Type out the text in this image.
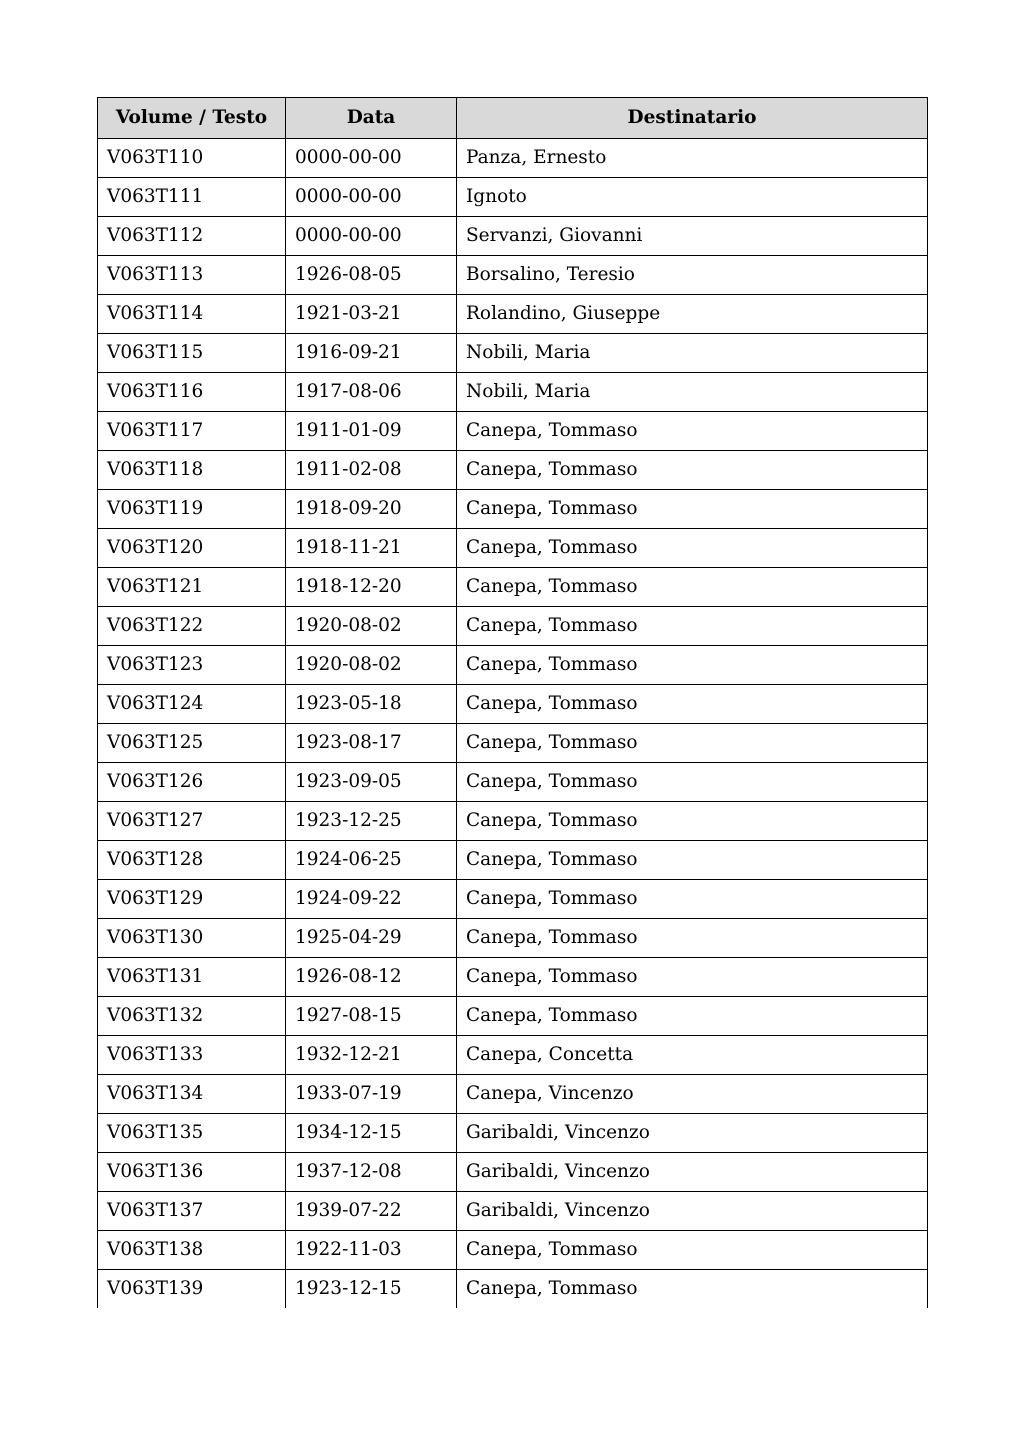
Volume / Testo	Data	Destinatario
V063T110	0000-00-00	Panza, Ernesto
V063T111	0000-00-00	Ignoto
V063T112	0000-00-00	Servanzi, Giovanni
V063T113	1926-08-05	Borsalino, Teresio
V063T114	1921-03-21	Rolandino, Giuseppe
V063T115	1916-09-21	Nobili, Maria
V063T116	1917-08-06	Nobili, Maria
V063T117	1911-01-09	Canepa, Tommaso
V063T118	1911-02-08	Canepa, Tommaso
V063T119	1918-09-20	Canepa, Tommaso
V063T120	1918-11-21	Canepa, Tommaso
V063T121	1918-12-20	Canepa, Tommaso
V063T122	1920-08-02	Canepa, Tommaso
V063T123	1920-08-02	Canepa, Tommaso
V063T124	1923-05-18	Canepa, Tommaso
V063T125	1923-08-17	Canepa, Tommaso
V063T126	1923-09-05	Canepa, Tommaso
V063T127	1923-12-25	Canepa, Tommaso
V063T128	1924-06-25	Canepa, Tommaso
V063T129	1924-09-22	Canepa, Tommaso
V063T130	1925-04-29	Canepa, Tommaso
V063T131	1926-08-12	Canepa, Tommaso
V063T132	1927-08-15	Canepa, Tommaso
V063T133	1932-12-21	Canepa, Concetta
V063T134	1933-07-19	Canepa, Vincenzo
V063T135	1934-12-15	Garibaldi, Vincenzo
V063T136	1937-12-08	Garibaldi, Vincenzo
V063T137	1939-07-22	Garibaldi, Vincenzo
V063T138	1922-11-03	Canepa, Tommaso
V063T139	1923-12-15	Canepa, Tommaso
